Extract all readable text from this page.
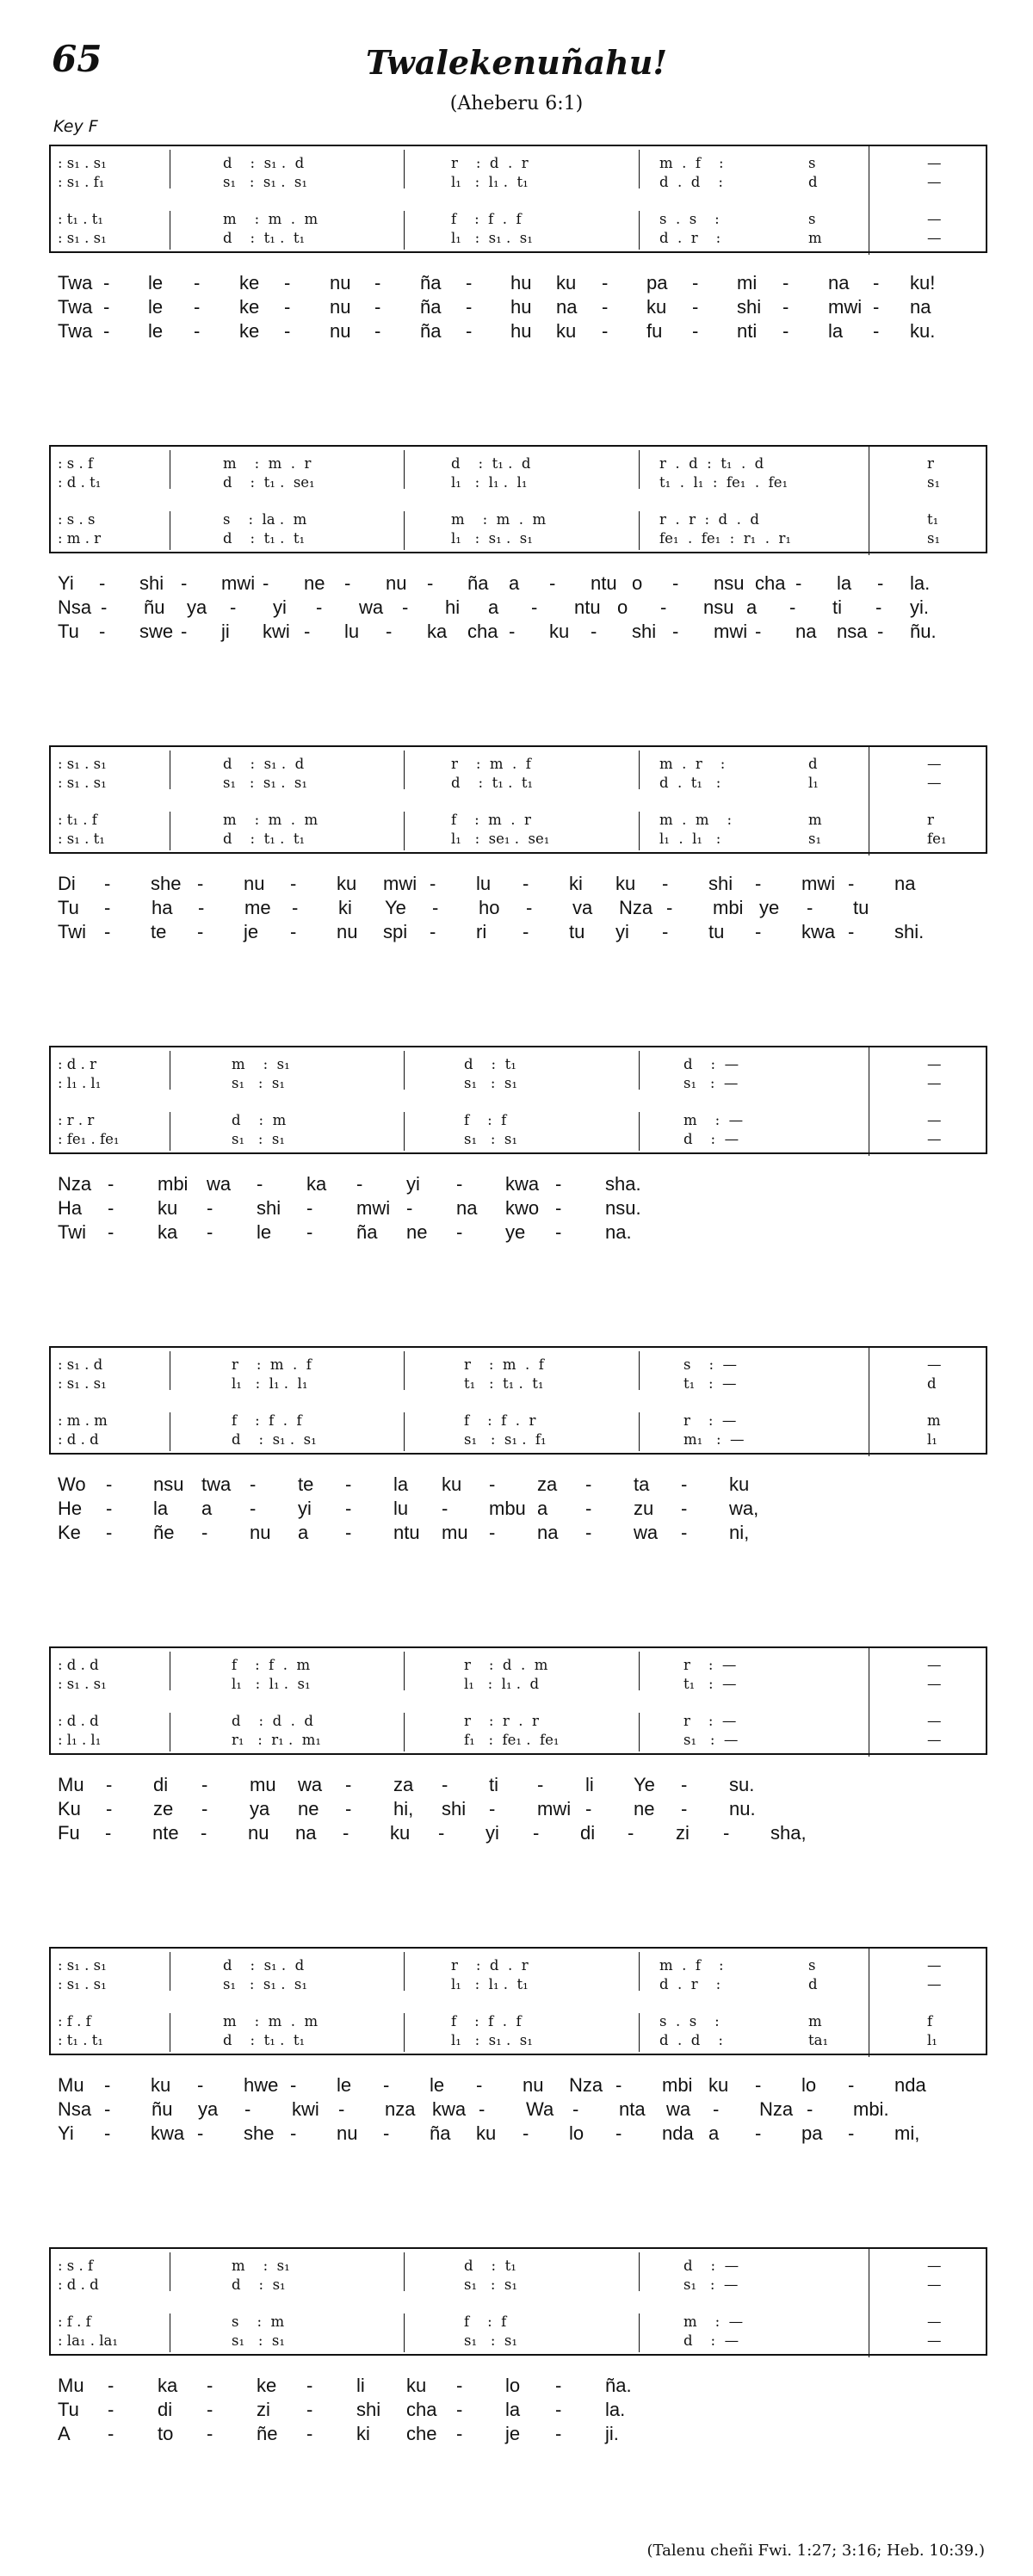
65	Twalekenuñahu!
(Aheberu 6:1)
Key F
: s₁ . s₁	d    :  s₁ .  d	r    :  d  .  r	m  .  f    :	s	—
: s₁ . f₁	s₁   :  s₁ .  s₁	l₁   :  l₁ .  t₁	d  .  d    :	d	—
: t₁ . t₁	m    :  m  .  m	f    :  f  .  f	s  .  s    :	s	—
: s₁ . s₁	d    :  t₁ .  t₁	l₁   :  s₁ .  s₁	d  .  r    :	m	—
Twa - le - ke - nu - ña - hu ku - pa - mi - na - ku!
Twa - le - ke - nu - ña - hu na - ku - shi - mwi - na
Twa - le - ke - nu - ña - hu ku - fu - nti - la - ku.
: s . f	m    :  m  .  r	d    :  t₁ .  d	r  .  d  :  t₁  .  d	r
: d . t₁	d    :  t₁ .  se₁	l₁   :  l₁ .  l₁	t₁  .  l₁  :  fe₁  .  fe₁	s₁
: s . s	s    :  la .  m	m    :  m  .  m	r  .  r  :  d  .  d	t₁
: m . r	d    :  t₁ .  t₁	l₁   :  s₁ .  s₁	fe₁  .  fe₁  :  r₁  .  r₁	s₁
Yi - shi - mwi - ne - nu - ña a - ntu o - nsu cha - la - la.
Nsa - ñu ya - yi - wa - hi a - ntu o - nsu a - ti - yi.
Tu - swe - ji kwi - lu - ka cha - ku - shi - mwi - na nsa - ñu.
: s₁ . s₁	d    :  s₁ .  d	r    :  m  .  f	m  .  r    :	d	—
: s₁ . s₁	s₁   :  s₁ .  s₁	d    :  t₁ .  t₁	d  .  t₁   :	l₁	—
: t₁ . f	m    :  m  .  m	f    :  m  .  r	m  .  m    :	m	r
: s₁ . t₁	d    :  t₁ .  t₁	l₁   :  se₁ .  se₁	l₁  .  l₁   :	s₁	fe₁
Di - she - nu - ku mwi - lu - ki ku - shi - mwi - na
Tu - ha - me - ki Ye - ho - va Nza - mbi ye - tu
Twi - te - je - nu spi - ri - tu yi - tu - kwa - shi.
: d . r	m    :  s₁	d    :  t₁	d    :  —	—
: l₁ . l₁	s₁   :  s₁	s₁   :  s₁	s₁   :  —	—
: r . r	d    :  m	f    :  f	m    :  —	—
: fe₁ . fe₁	s₁   :  s₁	s₁   :  s₁	d    :  —	—
Nza - mbi wa - ka - yi - kwa - sha.
Ha - ku - shi - mwi - na kwo - nsu.
Twi - ka - le - ña ne - ye - na.
: s₁ . d	r    :  m  .  f	r    :  m  .  f	s    :  —	—
: s₁ . s₁	l₁   :  l₁ .  l₁	t₁   :  t₁ .  t₁	t₁   :  —	d
: m . m	f    :  f  .  f	f    :  f  .  r	r    :  —	m
: d . d	d    :  s₁ .  s₁	s₁   :  s₁ .  f₁	m₁   :  —	l₁
Wo - nsu twa - te - la ku - za - ta - ku
He - la a - yi - lu - mbu a - zu - wa,
Ke - ñe - nu a - ntu mu - na - wa - ni,
: d . d	f    :  f  .  m	r    :  d  .  m	r    :  —	—
: s₁ . s₁	l₁   :  l₁ .  s₁	l₁   :  l₁ .  d	t₁   :  —	—
: d . d	d    :  d  .  d	r    :  r  .  r	r    :  —	—
: l₁ . l₁	r₁   :  r₁ .  m₁	f₁   :  fe₁ .  fe₁	s₁   :  —	—
Mu - di - mu wa - za - ti - li Ye - su.
Ku - ze - ya ne - hi, shi - mwi - ne - nu.
Fu - nte - nu na - ku - yi - di - zi - sha,
: s₁ . s₁	d    :  s₁ .  d	r    :  d  .  r	m  .  f    :	s	—
: s₁ . s₁	s₁   :  s₁ .  s₁	l₁   :  l₁ .  t₁	d  .  r    :	d	—
: f . f	m    :  m  .  m	f    :  f  .  f	s  .  s    :	m	f
: t₁ . t₁	d    :  t₁ .  t₁	l₁   :  s₁ .  s₁	d  .  d    :	ta₁	l₁
Mu - ku - hwe - le - le - nu Nza - mbi ku - lo - nda
Nsa - ñu ya - kwi - nza kwa - Wa - nta wa - Nza - mbi.
Yi - kwa - she - nu - ña ku - lo - nda a - pa - mi,
: s . f	m    :  s₁	d    :  t₁	d    :  —	—
: d . d	d    :  s₁	s₁   :  s₁	s₁   :  —	—
: f . f	s    :  m	f    :  f	m    :  —	—
: la₁ . la₁	s₁   :  s₁	s₁   :  s₁	d    :  —	—
Mu - ka - ke - li ku - lo - ña.
Tu - di - zi - shi cha - la - la.
A - to - ñe - ki che - je - ji.
(Talenu cheñi Fwi. 1:27; 3:16; Heb. 10:39.)
